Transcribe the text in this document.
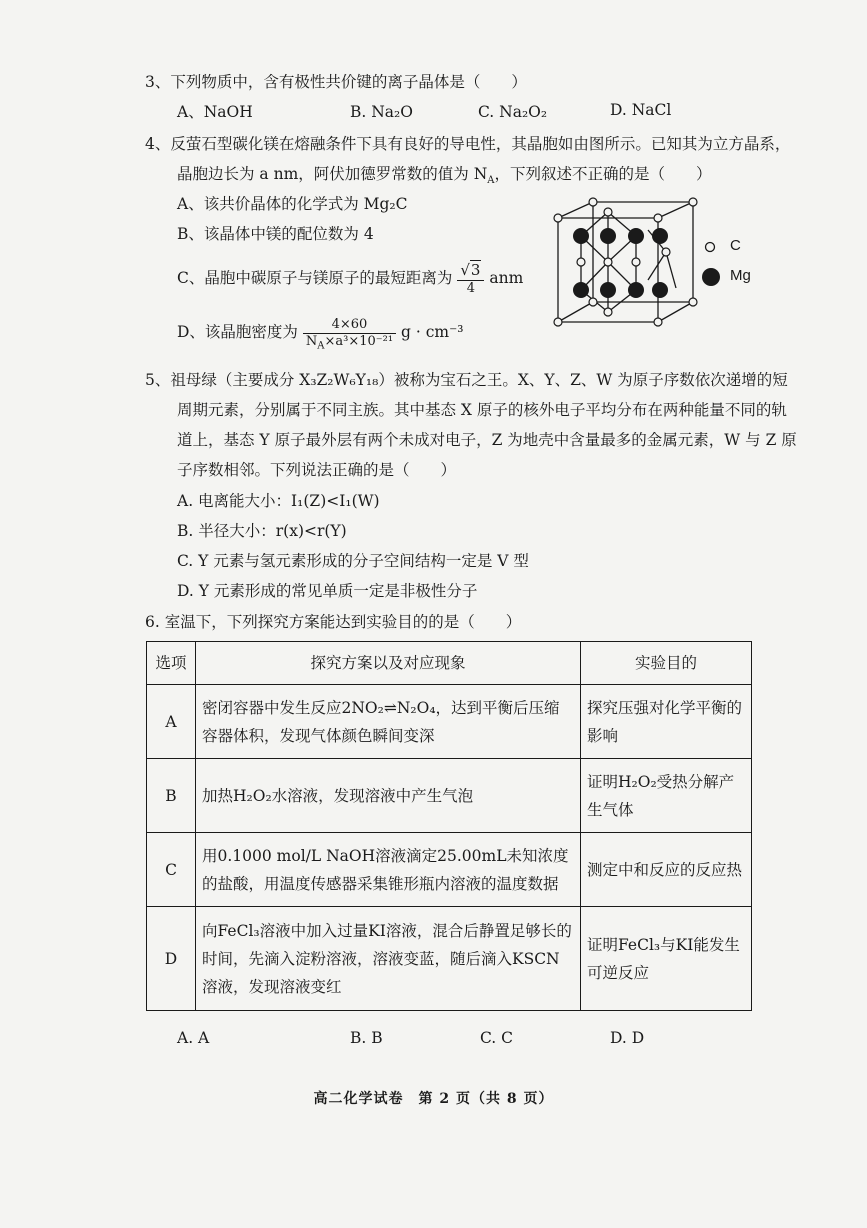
3、下列物质中，含有极性共价键的离子晶体是（　　）
A、NaOH	B. Na₂O	C. Na₂O₂	D. NaCl
4、反萤石型碳化镁在熔融条件下具有良好的导电性，其晶胞如由图所示。已知其为立方晶系，
晶胞边长为 a nm，阿伏加德罗常数的值为 $N_A$，下列叙述不正确的是（　　）
A、该共价晶体的化学式为 Mg₂C
B、该晶体中镁的配位数为 4
C、晶胞中碳原子与镁原子的最短距离为 $\frac{√3}{4}$ anm
D、该晶胞密度为 $\frac{4\times 60}{N_A\times a^3\times 10^{-21}}$ g · cm⁻³
C
Mg
5、祖母绿（主要成分 X₃Z₂W₆Y₁₈）被称为宝石之王。X、Y、Z、W 为原子序数依次递增的短
周期元素，分别属于不同主族。其中基态 X 原子的核外电子平均分布在两种能量不同的轨
道上，基态 Y 原子最外层有两个未成对电子，Z 为地壳中含量最多的金属元素，W 与 Z 原
子序数相邻。下列说法正确的是（　　）
A. 电离能大小：I₁(Z)<I₁(W)
B. 半径大小：r(x)<r(Y)
C. Y 元素与氢元素形成的分子空间结构一定是 V 型
D. Y 元素形成的常见单质一定是非极性分子
6. 室温下，下列探究方案能达到实验目的的是（　　）
选项	探究方案以及对应现象	实验目的
A	密闭容器中发生反应2NO₂⇌N₂O₄，达到平衡后压缩容器体积，发现气体颜色瞬间变深	探究压强对化学平衡的影响
B	加热H₂O₂水溶液，发现溶液中产生气泡	证明H₂O₂受热分解产生气体
C	用0.1000 mol/L NaOH溶液滴定25.00mL未知浓度的盐酸，用温度传感器采集锥形瓶内溶液的温度数据	测定中和反应的反应热
D	向FeCl₃溶液中加入过量KI溶液，混合后静置足够长的时间，先滴入淀粉溶液，溶液变蓝，随后滴入KSCN溶液，发现溶液变红	证明FeCl₃与KI能发生可逆反应
A. A	B. B	C. C	D. D
高二化学试卷　第 2 页（共 8 页）
